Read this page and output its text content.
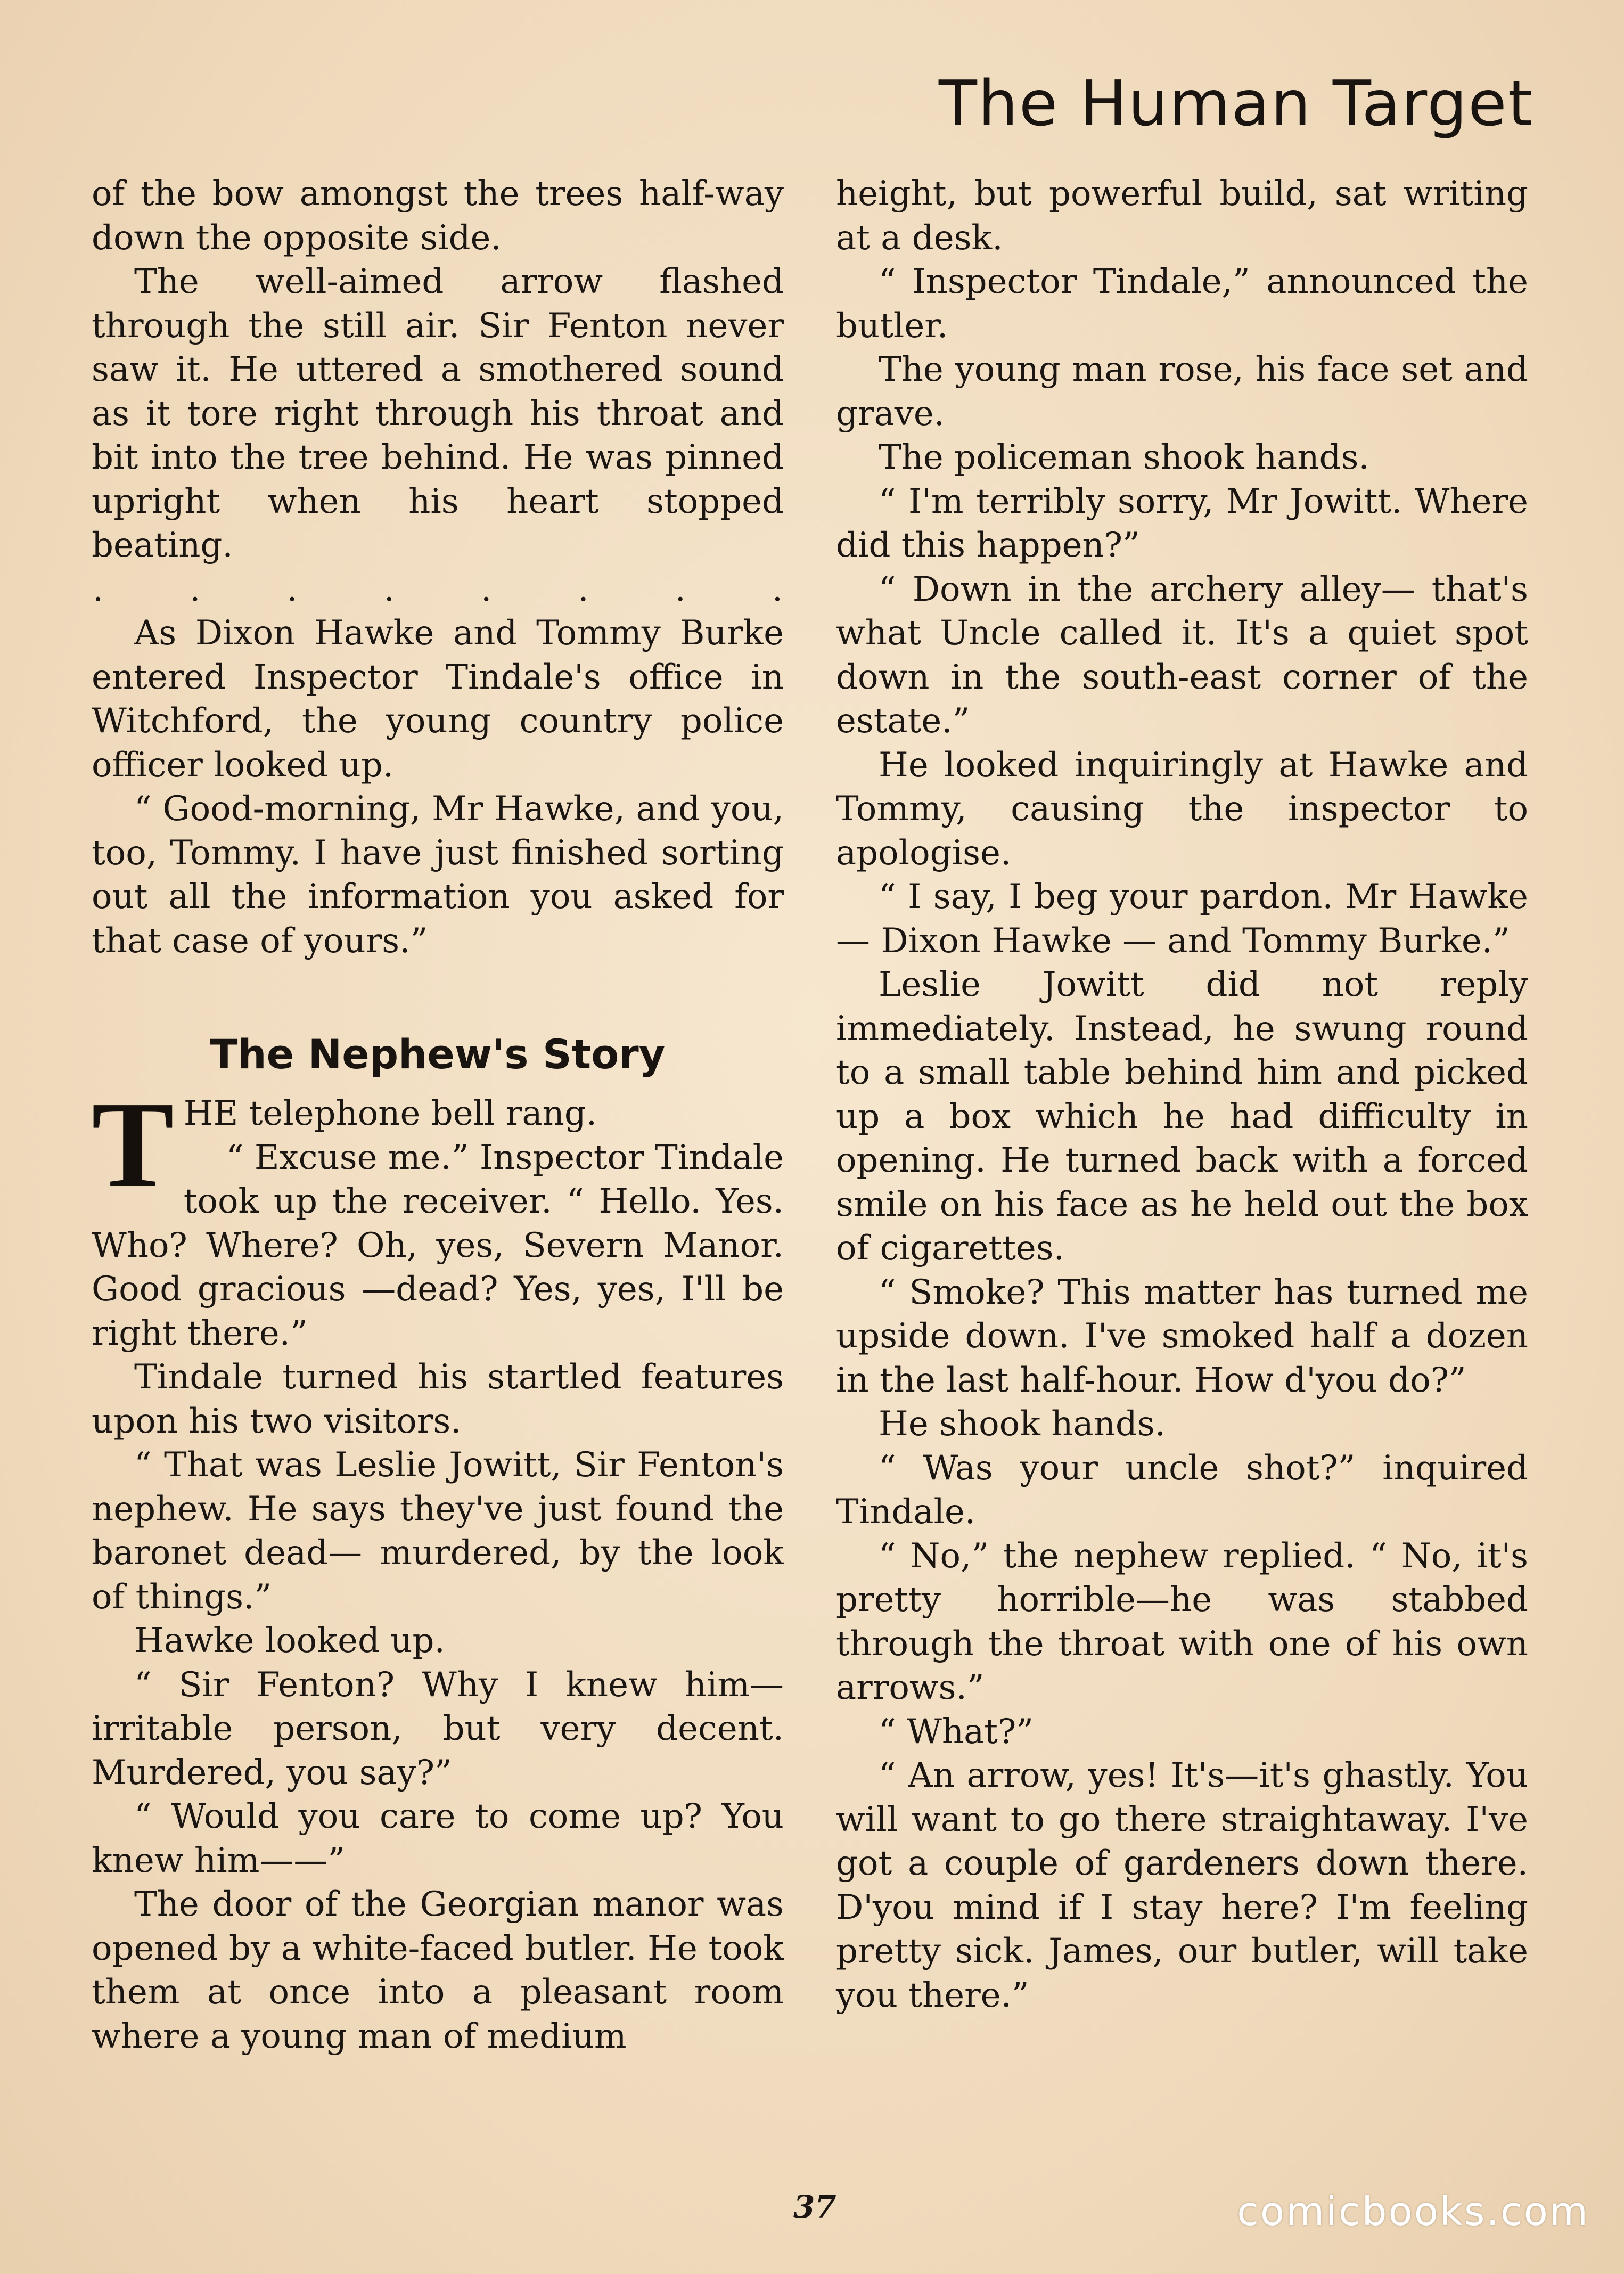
The Human Target

of the bow amongst the trees half-way down the opposite side.

The well-aimed arrow flashed through the still air. Sir Fenton never saw it. He uttered a smothered sound as it tore right through his throat and bit into the tree behind. He was pinned upright when his heart stopped beating.

.	.	.	.	.	.	.	.

As Dixon Hawke and Tommy Burke entered Inspector Tindale's office in Witchford, the young country police officer looked up.

“ Good-morning, Mr Hawke, and you, too, Tommy. I have just finished sorting out all the information you asked for that case of yours.”

The Nephew's Story
T HE telephone bell rang.

“ Excuse me.” Inspector Tindale took up the receiver. “ Hello. Yes. Who? Where? Oh, yes, Severn Manor. Good gracious —dead? Yes, yes, I'll be right there.”

Tindale turned his startled features upon his two visitors.

“ That was Leslie Jowitt, Sir Fenton's nephew. He says they've just found the baronet dead— murdered, by the look of things.”

Hawke looked up.

“ Sir Fenton? Why I knew him— irritable person, but very decent. Murdered, you say?”

“ Would you care to come up? You knew him——”

The door of the Georgian manor was opened by a white-faced butler. He took them at once into a pleasant room where a young man of medium

height, but powerful build, sat writing at a desk.

“ Inspector Tindale,” announced the butler.

The young man rose, his face set and grave.

The policeman shook hands.

“ I'm terribly sorry, Mr Jowitt. Where did this happen?”

“ Down in the archery alley— that's what Uncle called it. It's a quiet spot down in the south-east corner of the estate.”

He looked inquiringly at Hawke and Tommy, causing the inspector to apologise.

“ I say, I beg your pardon. Mr Hawke — Dixon Hawke — and Tommy Burke.”

Leslie Jowitt did not reply immediately. Instead, he swung round to a small table behind him and picked up a box which he had difficulty in opening. He turned back with a forced smile on his face as he held out the box of cigarettes.

“ Smoke? This matter has turned me upside down. I've smoked half a dozen in the last half-hour. How d'you do?”

He shook hands.

“ Was your uncle shot?” inquired Tindale.

“ No,” the nephew replied. “ No, it's pretty horrible—he was stabbed through the throat with one of his own arrows.”

“ What?”

“ An arrow, yes! It's—it's ghastly. You will want to go there straightaway. I've got a couple of gardeners down there. D'you mind if I stay here? I'm feeling pretty sick. James, our butler, will take you there.”

37	comicbooks.com
